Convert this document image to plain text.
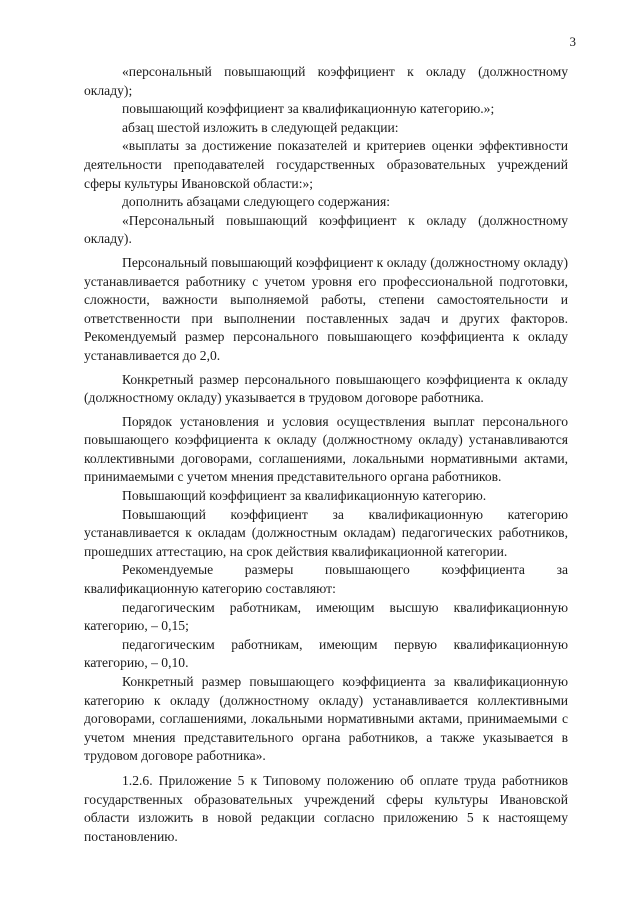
3

«персональный повышающий коэффициент к окладу (должностному окладу);

повышающий коэффициент за квалификационную категорию.»;

абзац шестой изложить в следующей редакции:

«выплаты за достижение показателей и критериев оценки эффективности деятельности преподавателей государственных образовательных учреждений сферы культуры Ивановской области:»;

дополнить абзацами следующего содержания:

«Персональный повышающий коэффициент к окладу (должностному окладу).

Персональный повышающий коэффициент к окладу (должностному окладу) устанавливается работнику с учетом уровня его профессиональной подготовки, сложности, важности выполняемой работы, степени самостоятельности и ответственности при выполнении поставленных задач и других факторов. Рекомендуемый размер персонального повышающего коэффициента к окладу устанавливается до 2,0.

Конкретный размер персонального повышающего коэффициента к окладу (должностному окладу) указывается в трудовом договоре работника.

Порядок установления и условия осуществления выплат персонального повышающего коэффициента к окладу (должностному окладу) устанавливаются коллективными договорами, соглашениями, локальными нормативными актами, принимаемыми с учетом мнения представительного органа работников.

Повышающий коэффициент за квалификационную категорию.

Повышающий коэффициент за квалификационную категорию устанавливается к окладам (должностным окладам) педагогических работников, прошедших аттестацию, на срок действия квалификационной категории.

Рекомендуемые размеры повышающего коэффициента за квалификационную категорию составляют:

педагогическим работникам, имеющим высшую квалификационную категорию, – 0,15;

педагогическим работникам, имеющим первую квалификационную категорию, – 0,10.

Конкретный размер повышающего коэффициента за квалификационную категорию к окладу (должностному окладу) устанавливается коллективными договорами, соглашениями, локальными нормативными актами, принимаемыми с учетом мнения представительного органа работников, а также указывается в трудовом договоре работника».

1.2.6. Приложение 5 к Типовому положению об оплате труда работников государственных образовательных учреждений сферы культуры Ивановской области изложить в новой редакции согласно приложению 5 к настоящему постановлению.
